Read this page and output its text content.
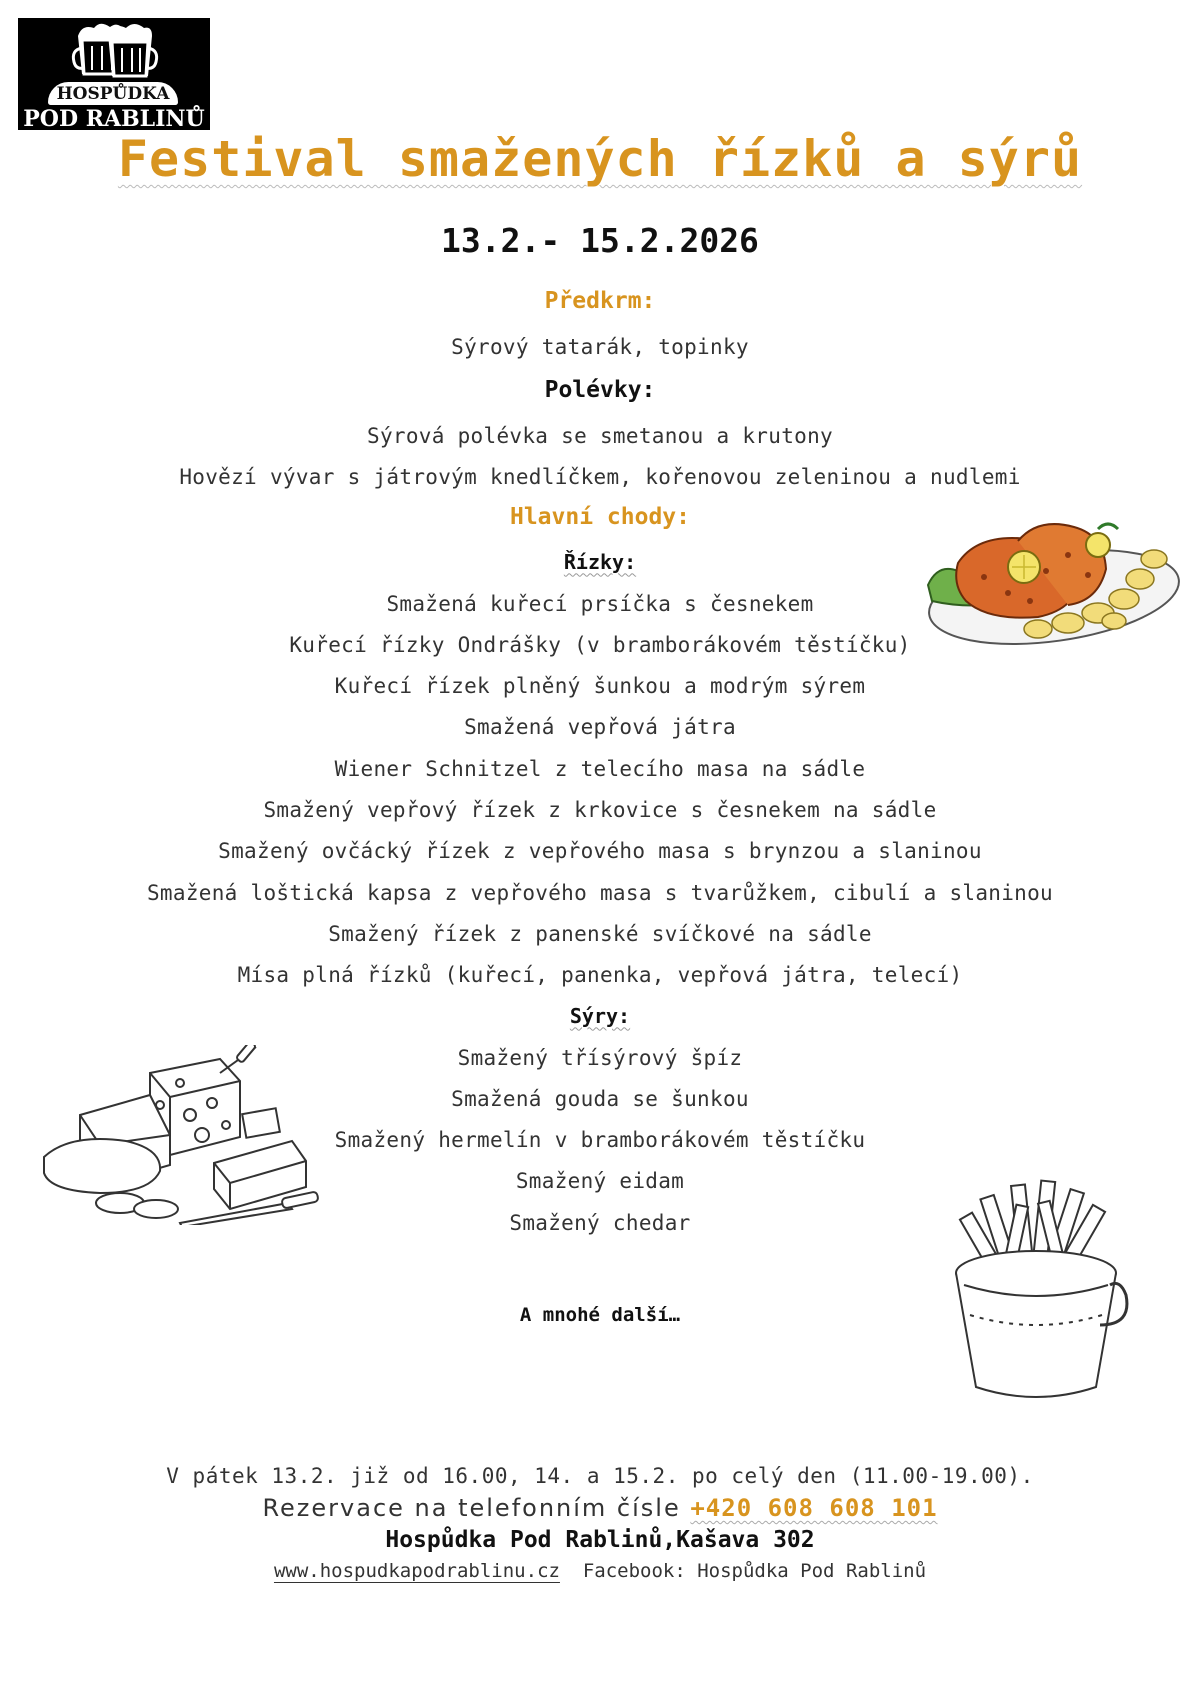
HOSPŮDKA
POD RABLINŮ
Festival smažených řízků a sýrů
13.2.- 15.2.2026
Předkrm:
Sýrový tatarák, topinky
Polévky:
Sýrová polévka se smetanou a krutony
Hovězí vývar s játrovým knedlíčkem, kořenovou zeleninou a nudlemi
Hlavní chody:
Řízky:
Smažená kuřecí prsíčka s česnekem
Kuřecí řízky Ondrášky (v bramborákovém těstíčku)
Kuřecí řízek plněný šunkou a modrým sýrem
Smažená vepřová játra
Wiener Schnitzel z telecího masa na sádle
Smažený vepřový řízek z krkovice s česnekem na sádle
Smažený ovčácký řízek z vepřového masa s brynzou a slaninou
Smažená loštická kapsa z vepřového masa s tvarůžkem, cibulí a slaninou
Smažený řízek z panenské svíčkové na sádle
Mísa plná řízků (kuřecí, panenka, vepřová játra, telecí)
Sýry:
Smažený třísýrový špíz
Smažená gouda se šunkou
Smažený hermelín v bramborákovém těstíčku
Smažený eidam
Smažený chedar
A mnohé další…
V pátek 13.2. již od 16.00, 14. a 15.2. po celý den (11.00-19.00).
Rezervace na telefonním čísle +420 608 608 101
Hospůdka Pod Rablinů,Kašava 302
www.hospudkapodrablinu.cz Facebook: Hospůdka Pod Rablinů
